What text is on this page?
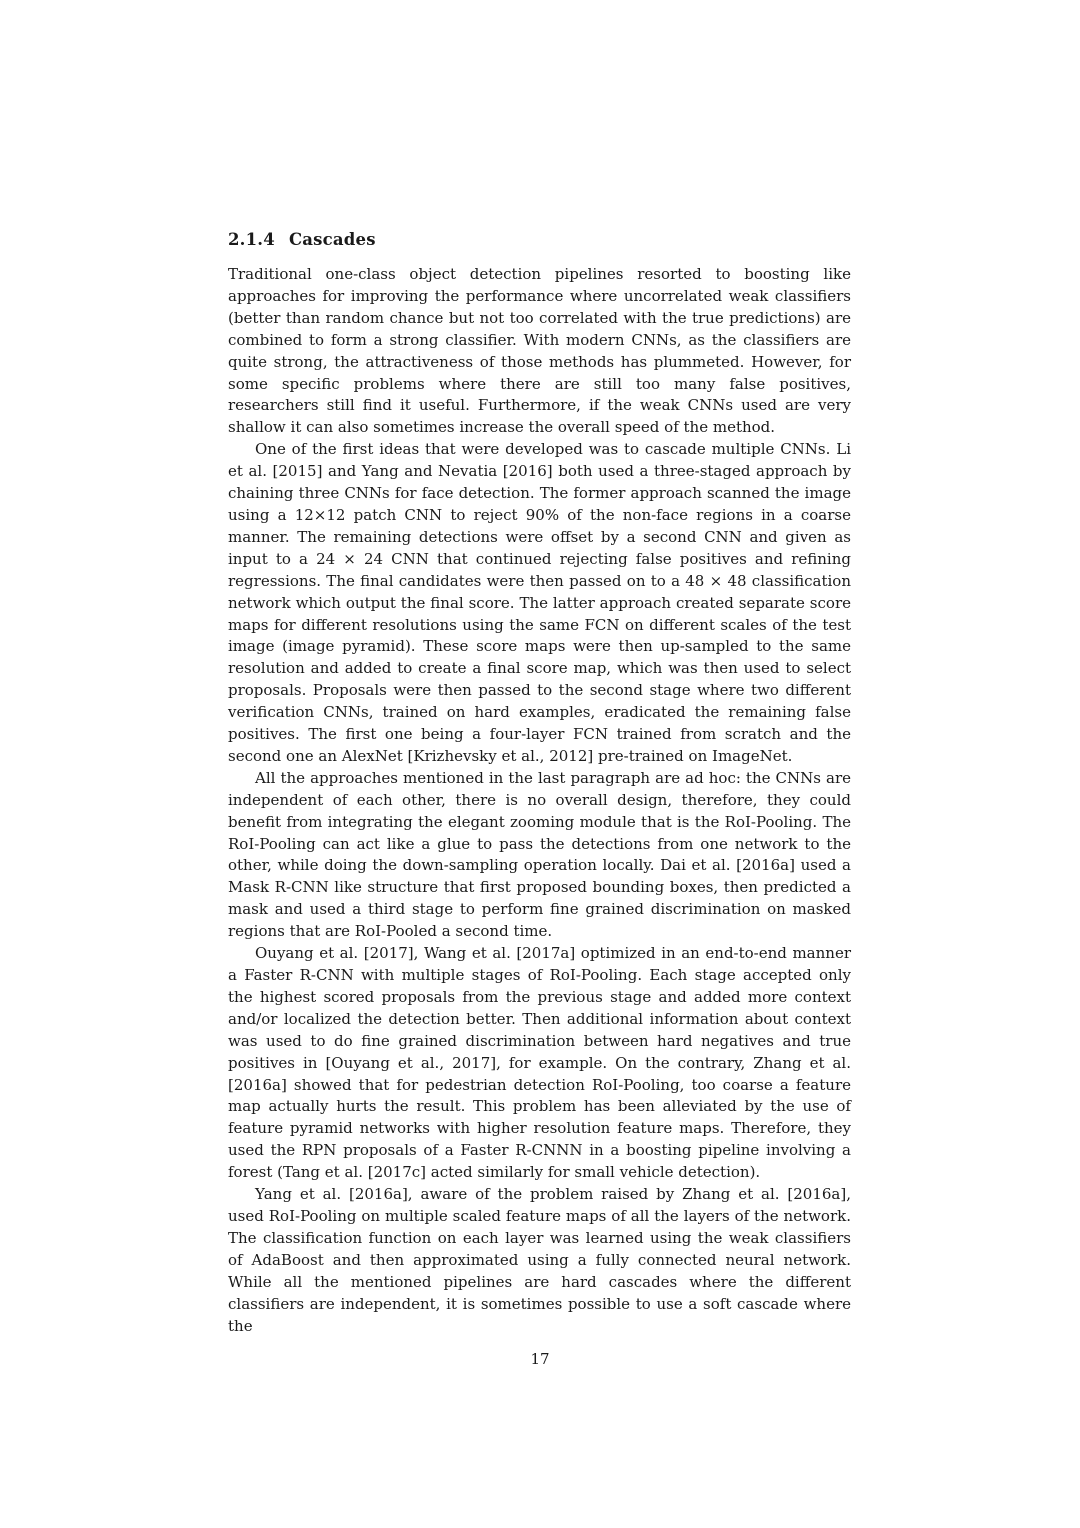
2.1.4 Cascades

Traditional one-class object detection pipelines resorted to boosting like approaches for improving the performance where uncorrelated weak classifiers (better than random chance but not too correlated with the true predictions) are combined to form a strong classifier. With modern CNNs, as the classifiers are quite strong, the attractiveness of those methods has plummeted. However, for some specific problems where there are still too many false positives, researchers still find it useful. Furthermore, if the weak CNNs used are very shallow it can also sometimes increase the overall speed of the method.

One of the first ideas that were developed was to cascade multiple CNNs. Li et al. [2015] and Yang and Nevatia [2016] both used a three-staged approach by chaining three CNNs for face detection. The former approach scanned the image using a 12×12 patch CNN to reject 90% of the non-face regions in a coarse manner. The remaining detections were offset by a second CNN and given as input to a 24 × 24 CNN that continued rejecting false positives and refining regressions. The final candidates were then passed on to a 48 × 48 classification network which output the final score. The latter approach created separate score maps for different resolutions using the same FCN on different scales of the test image (image pyramid). These score maps were then up-sampled to the same resolution and added to create a final score map, which was then used to select proposals. Proposals were then passed to the second stage where two different verification CNNs, trained on hard examples, eradicated the remaining false positives. The first one being a four-layer FCN trained from scratch and the second one an AlexNet [Krizhevsky et al., 2012] pre-trained on ImageNet.

All the approaches mentioned in the last paragraph are ad hoc: the CNNs are independent of each other, there is no overall design, therefore, they could benefit from integrating the elegant zooming module that is the RoI-Pooling. The RoI-Pooling can act like a glue to pass the detections from one network to the other, while doing the down-sampling operation locally. Dai et al. [2016a] used a Mask R-CNN like structure that first proposed bounding boxes, then predicted a mask and used a third stage to perform fine grained discrimination on masked regions that are RoI-Pooled a second time.

Ouyang et al. [2017], Wang et al. [2017a] optimized in an end-to-end manner a Faster R-CNN with multiple stages of RoI-Pooling. Each stage accepted only the highest scored proposals from the previous stage and added more context and/or localized the detection better. Then additional information about context was used to do fine grained discrimination between hard negatives and true positives in [Ouyang et al., 2017], for example. On the contrary, Zhang et al. [2016a] showed that for pedestrian detection RoI-Pooling, too coarse a feature map actually hurts the result. This problem has been alleviated by the use of feature pyramid networks with higher resolution feature maps. Therefore, they used the RPN proposals of a Faster R-CNNN in a boosting pipeline involving a forest (Tang et al. [2017c] acted similarly for small vehicle detection).

Yang et al. [2016a], aware of the problem raised by Zhang et al. [2016a], used RoI-Pooling on multiple scaled feature maps of all the layers of the network. The classification function on each layer was learned using the weak classifiers of AdaBoost and then approximated using a fully connected neural network. While all the mentioned pipelines are hard cascades where the different classifiers are independent, it is sometimes possible to use a soft cascade where the

17
